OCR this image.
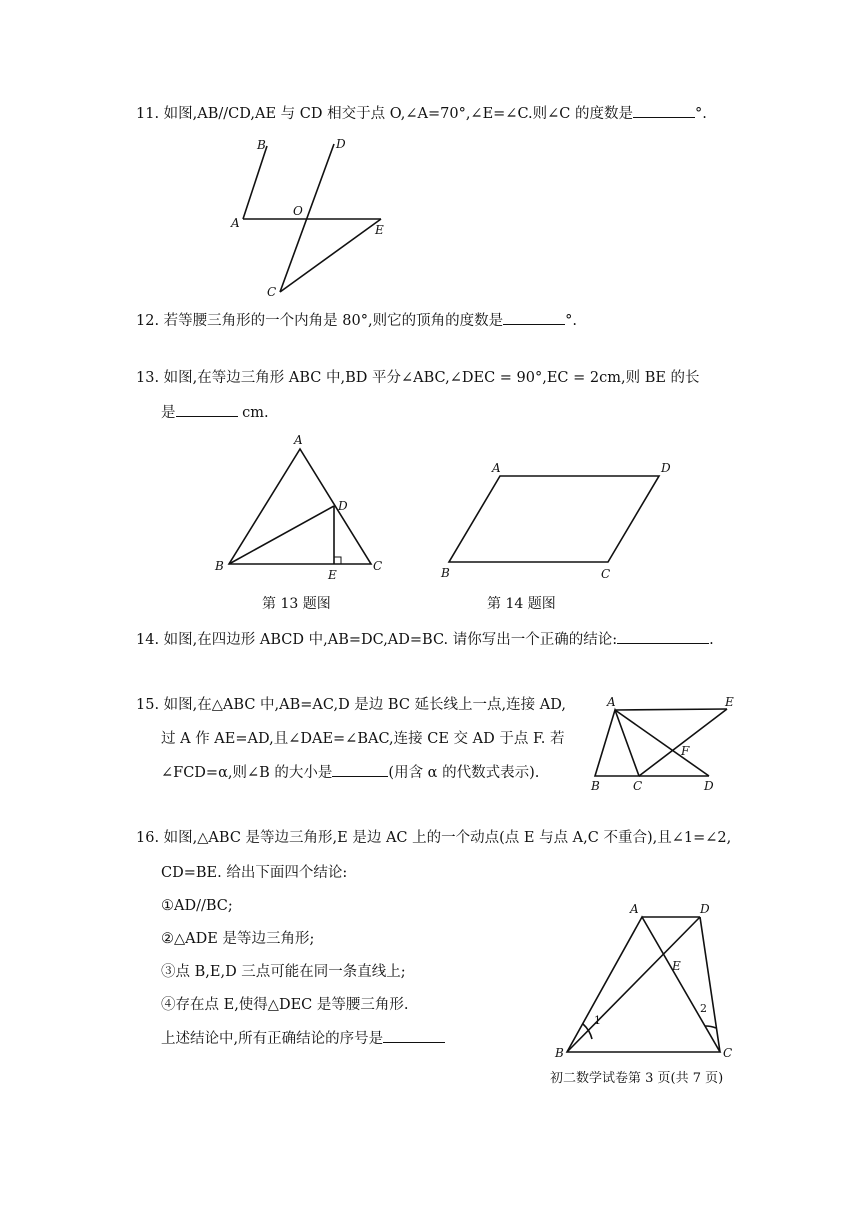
11. 如图,AB//CD,AE 与 CD 相交于点 O,∠A=70°,∠E=∠C.则∠C 的度数是	°.
B	D
A
O
E
C
12. 若等腰三角形的一个内角是 80°,则它的顶角的度数是	°.
13. 如图,在等边三角形 ABC 中,BD 平分∠ABC,∠DEC = 90°,EC = 2cm,则 BE 的长
是	cm.
A
B	C
D
E
第 13 题图
A	D
B	C
第 14 题图
14. 如图,在四边形 ABCD 中,AB=DC,AD=BC. 请你写出一个正确的结论:	.
15. 如图,在△ABC 中,AB=AC,D 是边 BC 延长线上一点,连接 AD,
过 A 作 AE=AD,且∠DAE=∠BAC,连接 CE 交 AD 于点 F. 若
∠FCD=α,则∠B 的大小是	(用含 α 的代数式表示).
A	E
F
B	C	D
16. 如图,△ABC 是等边三角形,E 是边 AC 上的一个动点(点 E 与点 A,C 不重合),且∠1=∠2,
CD=BE. 给出下面四个结论:
①AD//BC;
②△ADE 是等边三角形;
③点 B,E,D 三点可能在同一条直线上;
④存在点 E,使得△DEC 是等腰三角形.
上述结论中,所有正确结论的序号是
A	D
E
B	C
1
2
初二数学试卷第 3 页(共 7 页)
